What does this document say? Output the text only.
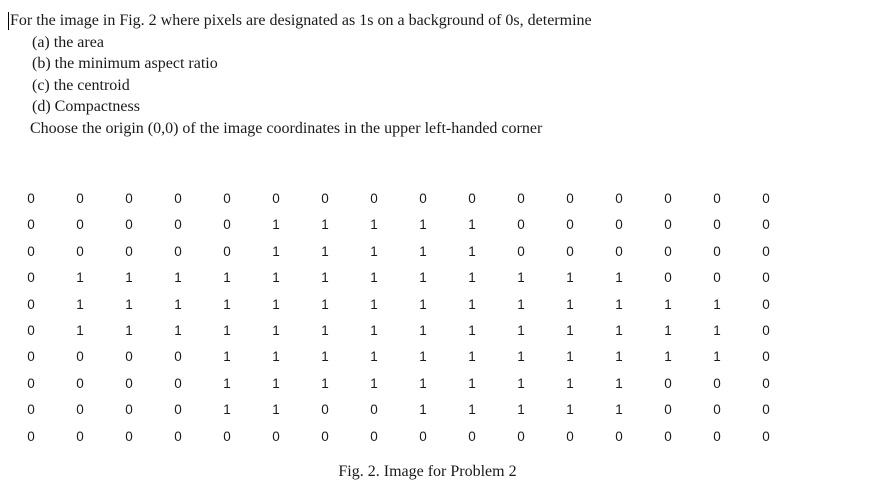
For the image in Fig. 2 where pixels are designated as 1s on a background of 0s, determine
(a) the area
(b) the minimum aspect ratio
(c) the centroid
(d) Compactness
Choose the origin (0,0) of the image coordinates in the upper left-handed corner
0	0	0	0	0	0	0	0	0	0	0	0	0	0	0	0
0	0	0	0	0	1	1	1	1	1	0	0	0	0	0	0
0	0	0	0	0	1	1	1	1	1	0	0	0	0	0	0
0	1	1	1	1	1	1	1	1	1	1	1	1	0	0	0
0	1	1	1	1	1	1	1	1	1	1	1	1	1	1	0
0	1	1	1	1	1	1	1	1	1	1	1	1	1	1	0
0	0	0	0	1	1	1	1	1	1	1	1	1	1	1	0
0	0	0	0	1	1	1	1	1	1	1	1	1	0	0	0
0	0	0	0	1	1	0	0	1	1	1	1	1	0	0	0
0	0	0	0	0	0	0	0	0	0	0	0	0	0	0	0
Fig. 2. Image for Problem 2
